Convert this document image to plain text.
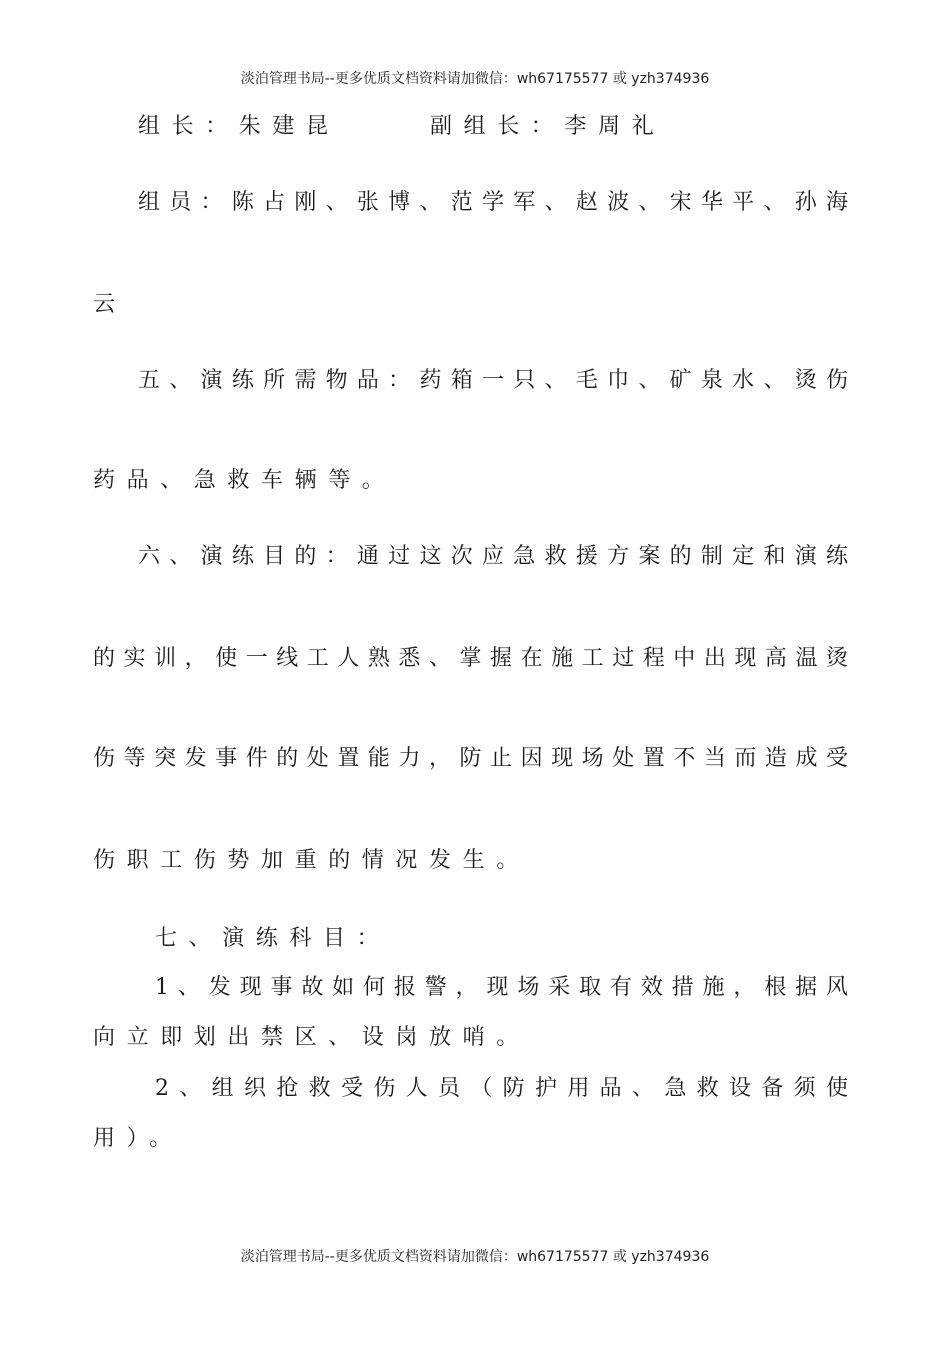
淡泊管理书局--更多优质文档资料请加微信：wh67175577 或 yzh374936
组长：朱建昆	副组长：李周礼
组员：陈占刚、张博、范学军、赵波、宋华平、孙海
云
五、演练所需物品：药箱一只、毛巾、矿泉水、烫伤
药品、急救车辆等。
六、演练目的：通过这次应急救援方案的制定和演练
的实训，使一线工人熟悉、掌握在施工过程中出现高温烫
伤等突发事件的处置能力，防止因现场处置不当而造成受
伤职工伤势加重的情况发生。
七、演练科目：
1、发现事故如何报警，现场采取有效措施，根据风
向立即划出禁区、设岗放哨。
2、组织抢救受伤人员（防护用品、急救设备须使
用）。
淡泊管理书局--更多优质文档资料请加微信：wh67175577 或 yzh374936
